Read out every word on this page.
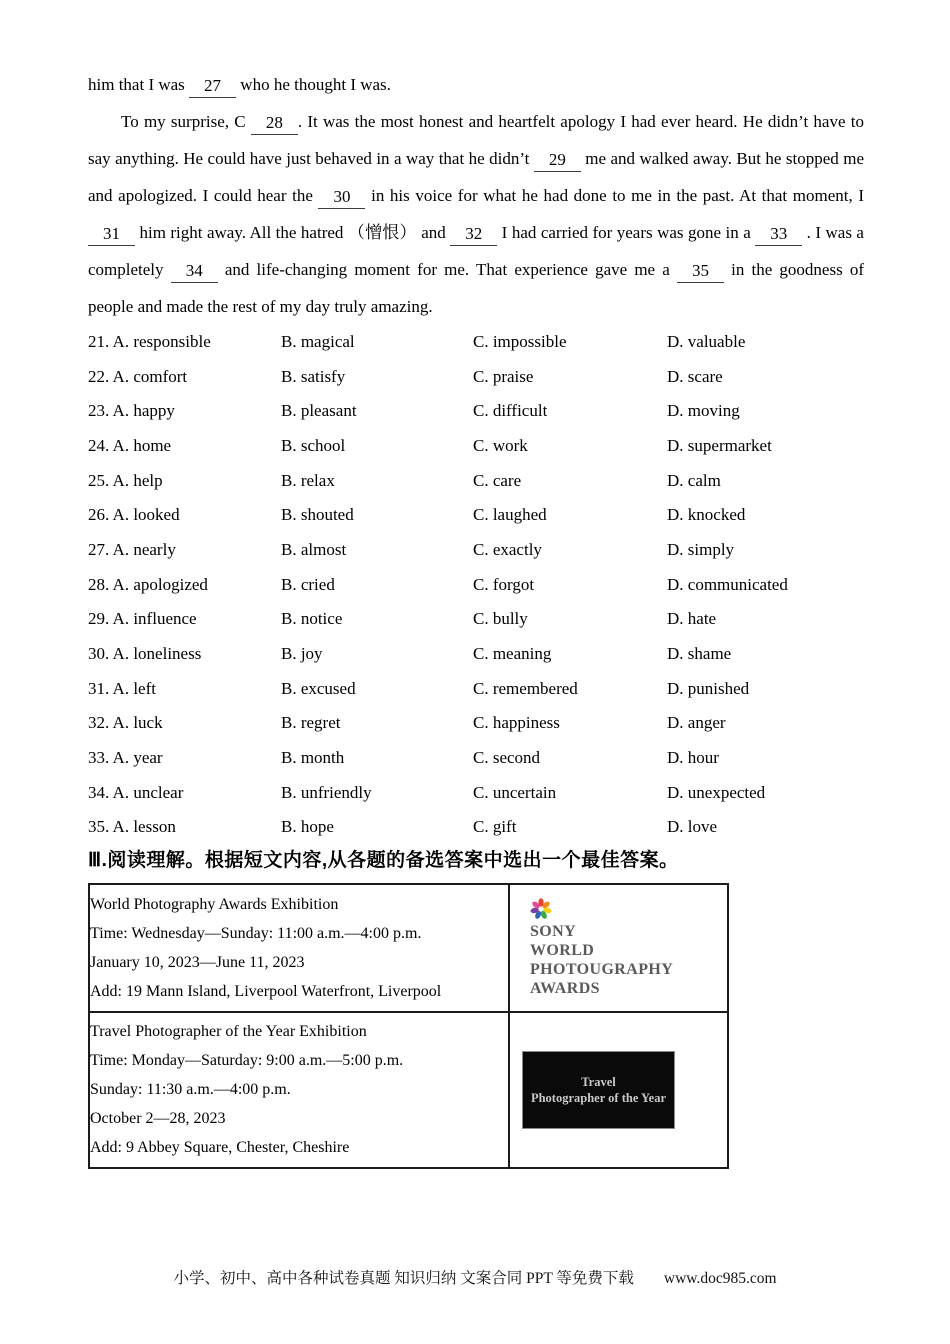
him that I was 27 who he thought I was.

To my surprise, C 28 . It was the most honest and heartfelt apology I had ever heard. He didn’t have to say anything. He could have just behaved in a way that he didn’t 29 me and walked away. But he stopped me and apologized. I could hear the 30 in his voice for what he had done to me in the past. At that moment, I 31 him right away. All the hatred （憎恨） and 32 I had carried for years was gone in a 33 . I was a completely 34 and life-changing moment for me. That experience gave me a 35 in the goodness of people and made the rest of my day truly amazing.

21. A. responsible	B. magical	C. impossible	D. valuable
22. A. comfort	B. satisfy	C. praise	D. scare
23. A. happy	B. pleasant	C. difficult	D. moving
24. A. home	B. school	C. work	D. supermarket
25. A. help	B. relax	C. care	D. calm
26. A. looked	B. shouted	C. laughed	D. knocked
27. A. nearly	B. almost	C. exactly	D. simply
28. A. apologized	B. cried	C. forgot	D. communicated
29. A. influence	B. notice	C. bully	D. hate
30. A. loneliness	B. joy	C. meaning	D. shame
31. A. left	B. excused	C. remembered	D. punished
32. A. luck	B. regret	C. happiness	D. anger
33. A. year	B. month	C. second	D. hour
34. A. unclear	B. unfriendly	C. uncertain	D. unexpected
35. A. lesson	B. hope	C. gift	D. love

Ⅲ.阅读理解。根据短文内容,从各题的备选答案中选出一个最佳答案。

World Photography Awards Exhibition

Time: Wednesday—Sunday: 11:00 a.m.—4:00 p.m.

January 10, 2023—June 11, 2023

Add: 19 Mann Island, Liverpool Waterfront, Liverpool

SONY
WORLD
PHOTOUGRAPHY
AWARDS

Travel Photographer of the Year Exhibition

Time: Monday—Saturday: 9:00 a.m.—5:00 p.m.

Sunday: 11:30 a.m.—4:00 p.m.

October 2—28, 2023

Add: 9 Abbey Square, Chester, Cheshire

Travel
Photographer of the Year
小学、初中、高中各种试卷真题 知识归纳 文案合同 PPT 等免费下载 www.doc985.com
